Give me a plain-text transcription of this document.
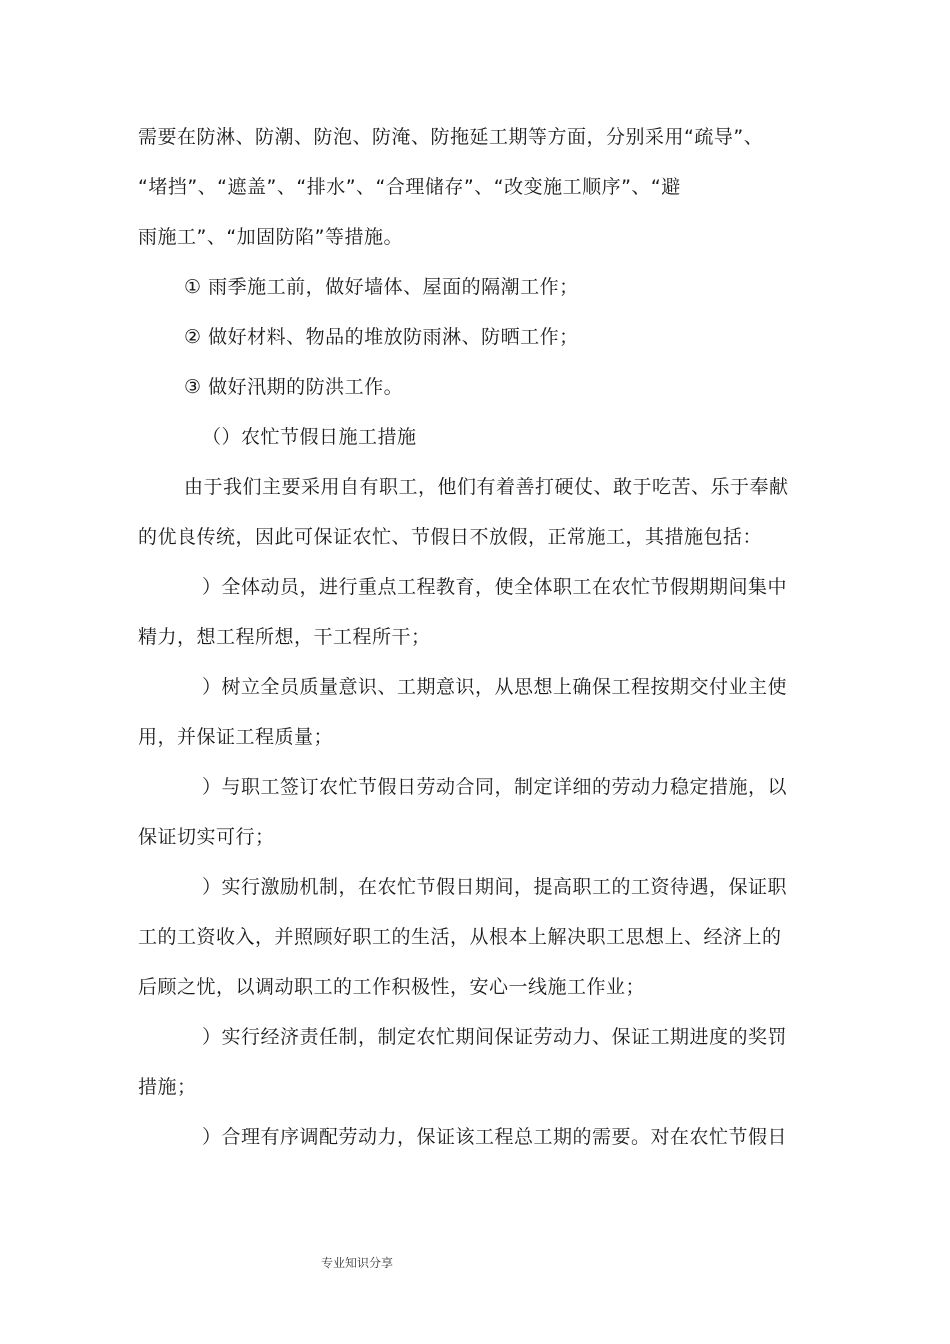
需要在防淋、防潮、防泡、防淹、防拖延工期等方面，分别采用“疏导”、
“堵挡”、“遮盖”、“排水”、“合理储存”、“改变施工顺序”、“避
雨施工”、“加固防陷”等措施。
① 雨季施工前，做好墙体、屋面的隔潮工作；
② 做好材料、物品的堆放防雨淋、防晒工作；
③ 做好汛期的防洪工作。
（）农忙节假日施工措施
由于我们主要采用自有职工，他们有着善打硬仗、敢于吃苦、乐于奉献
的优良传统，因此可保证农忙、节假日不放假，正常施工，其措施包括：
）全体动员，进行重点工程教育，使全体职工在农忙节假期期间集中
精力，想工程所想，干工程所干；
）树立全员质量意识、工期意识，从思想上确保工程按期交付业主使
用，并保证工程质量；
）与职工签订农忙节假日劳动合同，制定详细的劳动力稳定措施，以
保证切实可行；
）实行激励机制，在农忙节假日期间，提高职工的工资待遇，保证职
工的工资收入，并照顾好职工的生活，从根本上解决职工思想上、经济上的
后顾之忧，以调动职工的工作积极性，安心一线施工作业；
）实行经济责任制，制定农忙期间保证劳动力、保证工期进度的奖罚
措施；
）合理有序调配劳动力，保证该工程总工期的需要。对在农忙节假日
专业知识分享
